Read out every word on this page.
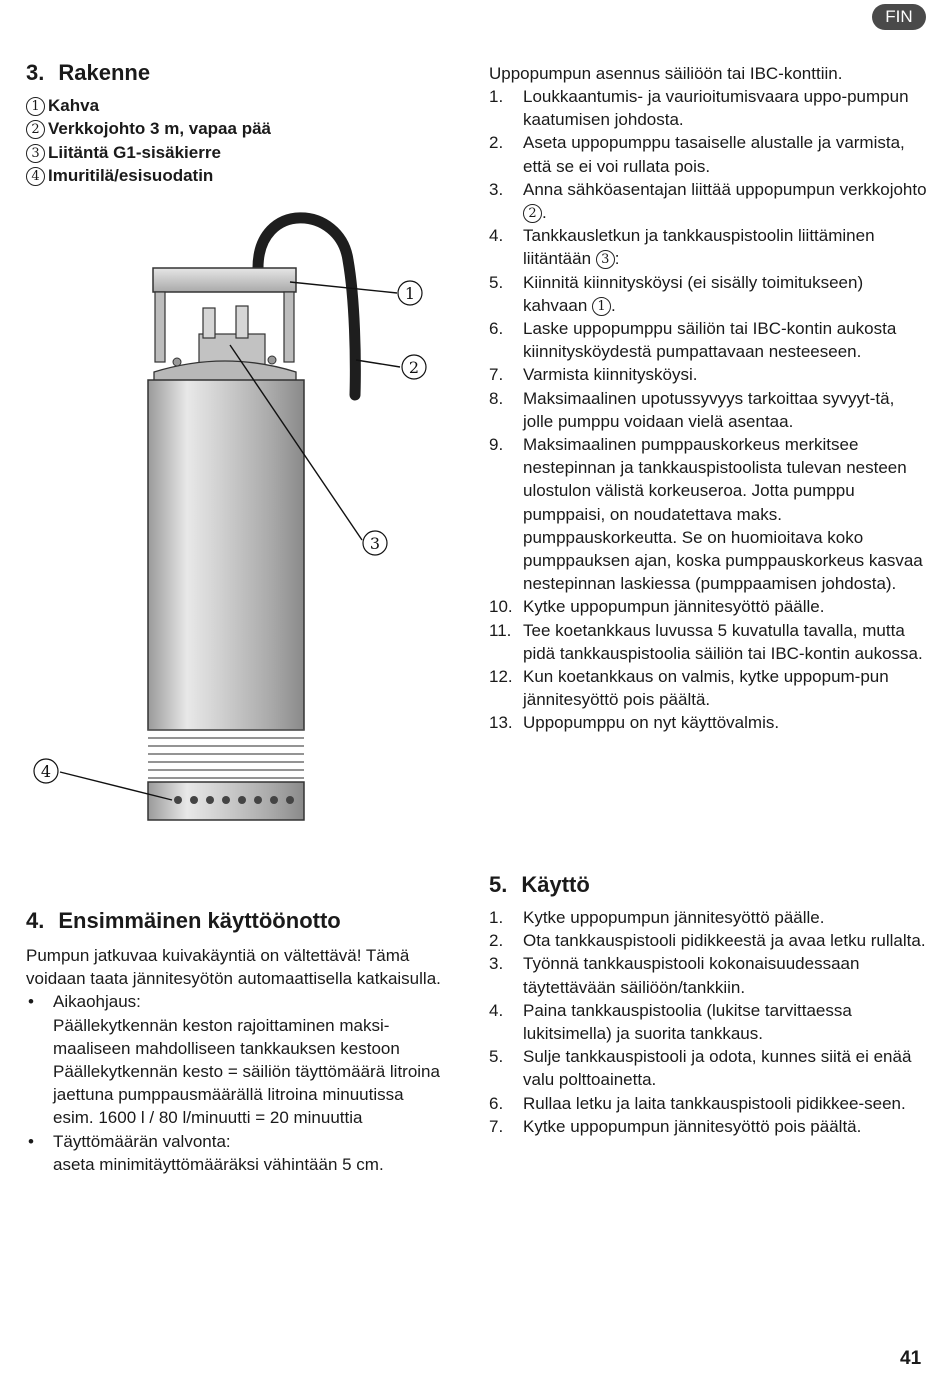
FIN
3. Rakenne
1 Kahva
2 Verkkojohto 3 m, vapaa pää
3 Liitäntä G1-sisäkierre
4 Imuritilä/esisuodatin
1
2
3
4
Uppopumpun asennus säiliöön tai IBC-konttiin.
1.	Loukkaantumis- ja vaurioitumisvaara uppo-pumpun kaatumisen johdosta.
2.	Aseta uppopumppu tasaiselle alustalle ja varmista, että se ei voi rullata pois.
3.	Anna sähköasentajan liittää uppopumpun verkkojohto 2 .
4.	Tankkausletkun ja tankkauspistoolin liittäminen liitäntään 3 :
5.	Kiinnitä kiinnitysköysi (ei sisälly toimitukseen) kahvaan 1 .
6.	Laske uppopumppu säiliön tai IBC-kontin aukosta kiinnitysköydestä pumpattavaan nesteeseen.
7.	Varmista kiinnitysköysi.
8.	Maksimaalinen upotussyvyys tarkoittaa syvyyt-tä, jolle pumppu voidaan vielä asentaa.
9.	Maksimaalinen pumppauskorkeus merkitsee nestepinnan ja tankkauspistoolista tulevan nesteen ulostulon välistä korkeuseroa. Jotta pumppu pumppaisi, on noudatettava maks. pumppauskorkeutta. Se on huomioitava koko pumppauksen ajan, koska pumppauskorkeus kasvaa nestepinnan laskiessa (pumppaamisen johdosta).
10. Kytke uppopumpun jännitesyöttö päälle.
11. Tee koetankkaus luvussa 5 kuvatulla tavalla, mutta pidä tankkauspistoolia säiliön tai IBC-kontin aukossa.
12. Kun koetankkaus on valmis, kytke uppopum-pun jännitesyöttö pois päältä.
13. Uppopumppu on nyt käyttövalmis.
4. Ensimmäinen käyttöönotto
Pumpun jatkuvaa kuivakäyntiä on vältettävä! Tämä voidaan taata jännitesyötön automaattisella katkaisulla.
•	Aikaohjaus:
Päällekytkennän keston rajoittaminen maksi-maaliseen mahdolliseen tankkauksen kestoon
Päällekytkennän kesto = säiliön täyttömäärä litroina jaettuna pumppausmäärällä litroina minuutissa
esim. 1600 l / 80 l/minuutti = 20 minuuttia
•	Täyttömäärän valvonta:
aseta minimitäyttömääräksi vähintään 5 cm.
5. Käyttö
1.	Kytke uppopumpun jännitesyöttö päälle.
2.	Ota tankkauspistooli pidikkeestä ja avaa letku rullalta.
3.	Työnnä tankkauspistooli kokonaisuudessaan täytettävään säiliöön/tankkiin.
4.	Paina tankkauspistoolia (lukitse tarvittaessa lukitsimella) ja suorita tankkaus.
5.	Sulje tankkauspistooli ja odota, kunnes siitä ei enää valu polttoainetta.
6.	Rullaa letku ja laita tankkauspistooli pidikkee-seen.
7.	Kytke uppopumpun jännitesyöttö pois päältä.
41
